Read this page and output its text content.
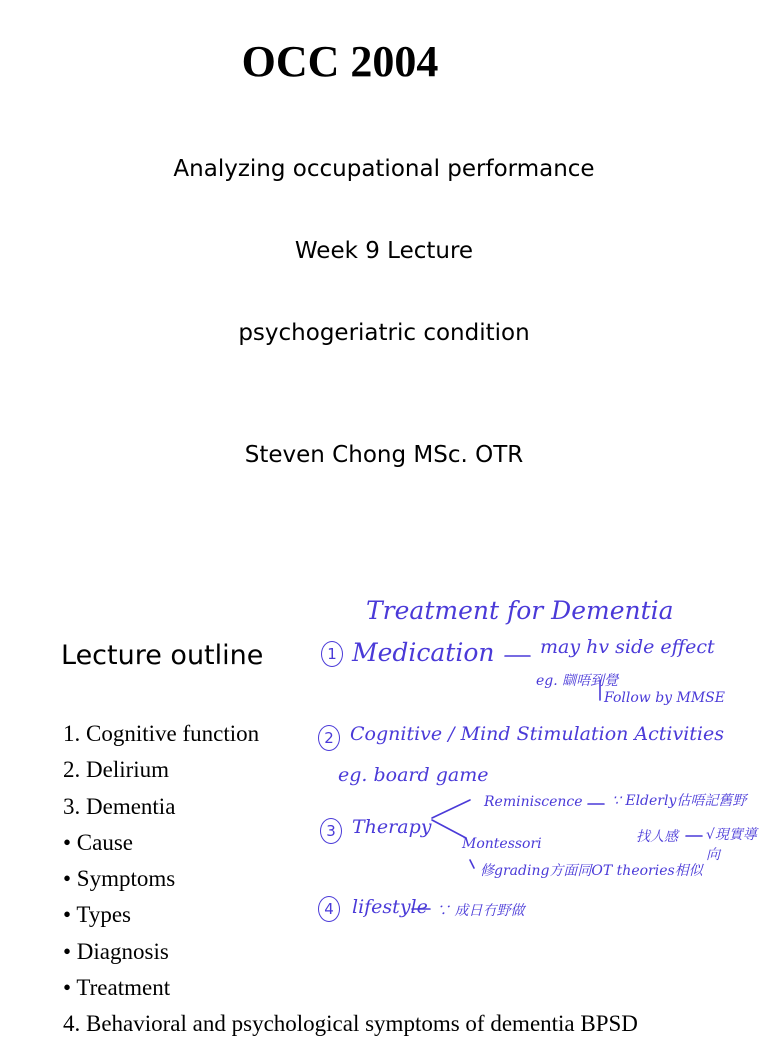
OCC 2004
Analyzing occupational performance
Week 9 Lecture
psychogeriatric condition
Steven Chong MSc. OTR
Lecture outline
1. Cognitive function
2. Delirium
3. Dementia
• Cause
• Symptoms
• Types
• Diagnosis
• Treatment
4. Behavioral and psychological symptoms of dementia BPSD
Treatment for Dementia
1 Medication may hv side effect
eg. 瞓唔到覺
Follow by MMSE
2 Cognitive / Mind Stimulation Activities
eg. board game
3 Therapy
Reminiscence ∵ Elderly估唔記舊野
找人感 √現實導向
Montessori
修grading方面同OT theories相似
4 lifestyle ∵ 成日冇野做
